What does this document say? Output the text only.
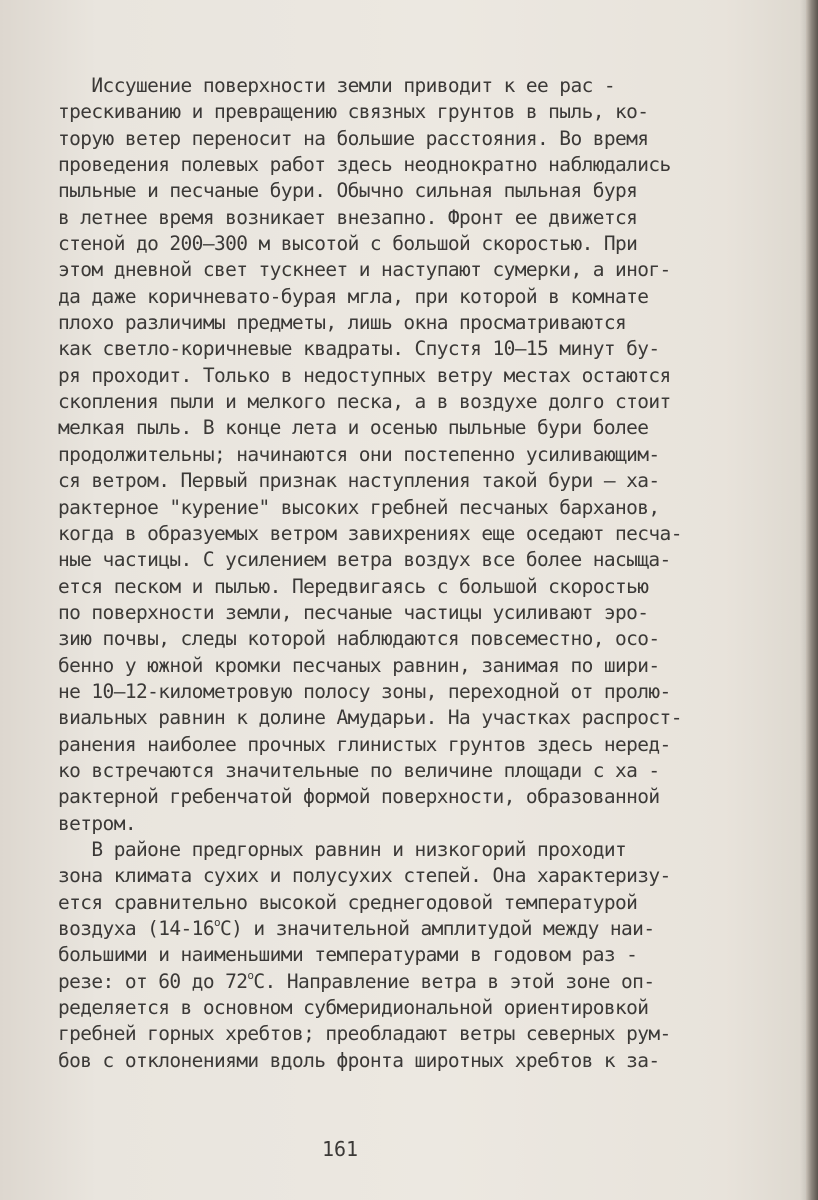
Иссушение поверхности земли приводит к ее рас -
трескиванию и превращению связных грунтов в пыль, ко-
торую ветер переносит на большие расстояния. Во время
проведения полевых работ здесь неоднократно наблюдались
пыльные и песчаные бури. Обычно сильная пыльная буря
в летнее время возникает внезапно. Фронт ее движется
стеной до 200–300 м высотой с большой скоростью. При
этом дневной свет тускнеет и наступают сумерки, а иног-
да даже коричневато-бурая мгла, при которой в комнате
плохо различимы предметы, лишь окна просматриваются
как светло-коричневые квадраты. Спустя 10–15 минут бу-
ря проходит. Только в недоступных ветру местах остаются
скопления пыли и мелкого песка, а в воздухе долго стоит
мелкая пыль. В конце лета и осенью пыльные бури более
продолжительны; начинаются они постепенно усиливающим-
ся ветром. Первый признак наступления такой бури – ха-
рактерное "курение" высоких гребней песчаных барханов,
когда в образуемых ветром завихрениях еще оседают песча-
ные частицы. С усилением ветра воздух все более насыща-
ется песком и пылью. Передвигаясь с большой скоростью
по поверхности земли, песчаные частицы усиливают эро-
зию почвы, следы которой наблюдаются повсеместно, осо-
бенно у южной кромки песчаных равнин, занимая по шири-
не 10–12-километровую полосу зоны, переходной от пролю-
виальных равнин к долине Амударьи. На участках распрост-
ранения наиболее прочных глинистых грунтов здесь неред-
ко встречаются значительные по величине площади с ха -
рактерной гребенчатой формой поверхности, образованной
ветром.
В районе предгорных равнин и низкогорий проходит
зона климата сухих и полусухих степей. Она характеризу-
ется сравнительно высокой среднегодовой температурой
воздуха $(14-16^оС)$ и значительной амплитудой между наи-
большими и наименьшими температурами в годовом раз -
резе: от 60 до $72^оС$. Направление ветра в этой зоне оп-
ределяется в основном субмеридиональной ориентировкой
гребней горных хребтов; преобладают ветры северных рум-
бов с отклонениями вдоль фронта широтных хребтов к за-
161
